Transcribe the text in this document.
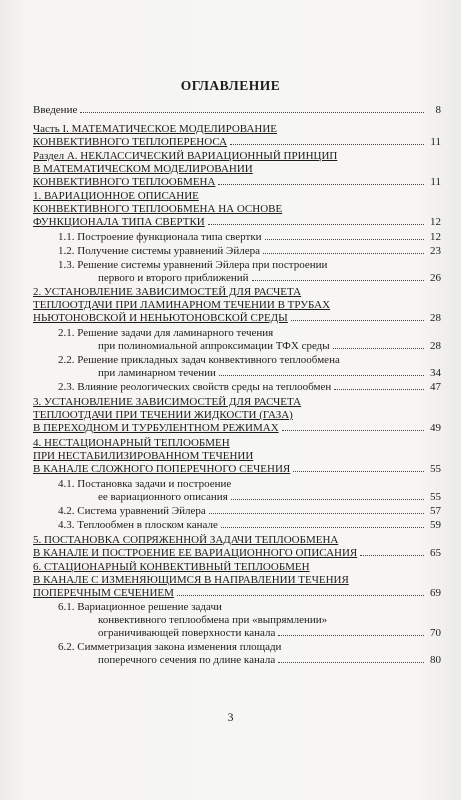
ОГЛАВЛЕНИЕ
Введение	8
Часть I. МАТЕМАТИЧЕСКОЕ МОДЕЛИРОВАНИЕ
КОНВЕКТИВНОГО ТЕПЛОПЕРЕНОСА	11
Раздел А. НЕКЛАССИЧЕСКИЙ ВАРИАЦИОННЫЙ ПРИНЦИП
В МАТЕМАТИЧЕСКОМ МОДЕЛИРОВАНИИ
КОНВЕКТИВНОГО ТЕПЛООБМЕНА	11
1. ВАРИАЦИОННОЕ ОПИСАНИЕ
КОНВЕКТИВНОГО ТЕПЛООБМЕНА НА ОСНОВЕ
ФУНКЦИОНАЛА ТИПА СВЕРТКИ	12
1.1. Построение функционала типа свертки	12
1.2. Получение системы уравнений Эйлера	23
1.3. Решение системы уравнений Эйлера при построении
первого и второго приближений	26
2. УСТАНОВЛЕНИЕ ЗАВИСИМОСТЕЙ ДЛЯ РАСЧЕТА
ТЕПЛООТДАЧИ ПРИ ЛАМИНАРНОМ ТЕЧЕНИИ В ТРУБАХ
НЬЮТОНОВСКОЙ И НЕНЬЮТОНОВСКОЙ СРЕДЫ	28
2.1. Решение задачи для ламинарного течения
при полиномиальной аппроксимации ТФХ среды	28
2.2. Решение прикладных задач конвективного теплообмена
при ламинарном течении	34
2.3. Влияние реологических свойств среды на теплообмен	47
3. УСТАНОВЛЕНИЕ ЗАВИСИМОСТЕЙ ДЛЯ РАСЧЕТА
ТЕПЛООТДАЧИ ПРИ ТЕЧЕНИИ ЖИДКОСТИ (ГАЗА)
В ПЕРЕХОДНОМ И ТУРБУЛЕНТНОМ РЕЖИМАХ	49
4. НЕСТАЦИОНАРНЫЙ ТЕПЛООБМЕН
ПРИ НЕСТАБИЛИЗИРОВАННОМ ТЕЧЕНИИ
В КАНАЛЕ СЛОЖНОГО ПОПЕРЕЧНОГО СЕЧЕНИЯ	55
4.1. Постановка задачи и построение
ее вариационного описания	55
4.2. Система уравнений Эйлера	57
4.3. Теплообмен в плоском канале	59
5. ПОСТАНОВКА СОПРЯЖЕННОЙ ЗАДАЧИ ТЕПЛООБМЕНА
В КАНАЛЕ И ПОСТРОЕНИЕ ЕЕ ВАРИАЦИОННОГО ОПИСАНИЯ	65
6. СТАЦИОНАРНЫЙ КОНВЕКТИВНЫЙ ТЕПЛООБМЕН
В КАНАЛЕ С ИЗМЕНЯЮЩИМСЯ В НАПРАВЛЕНИИ ТЕЧЕНИЯ
ПОПЕРЕЧНЫМ СЕЧЕНИЕМ	69
6.1. Вариационное решение задачи
конвективного теплообмена при «выпрямлении»
ограничивающей поверхности канала	70
6.2. Симметризация закона изменения площади
поперечного сечения по длине канала	80
3
